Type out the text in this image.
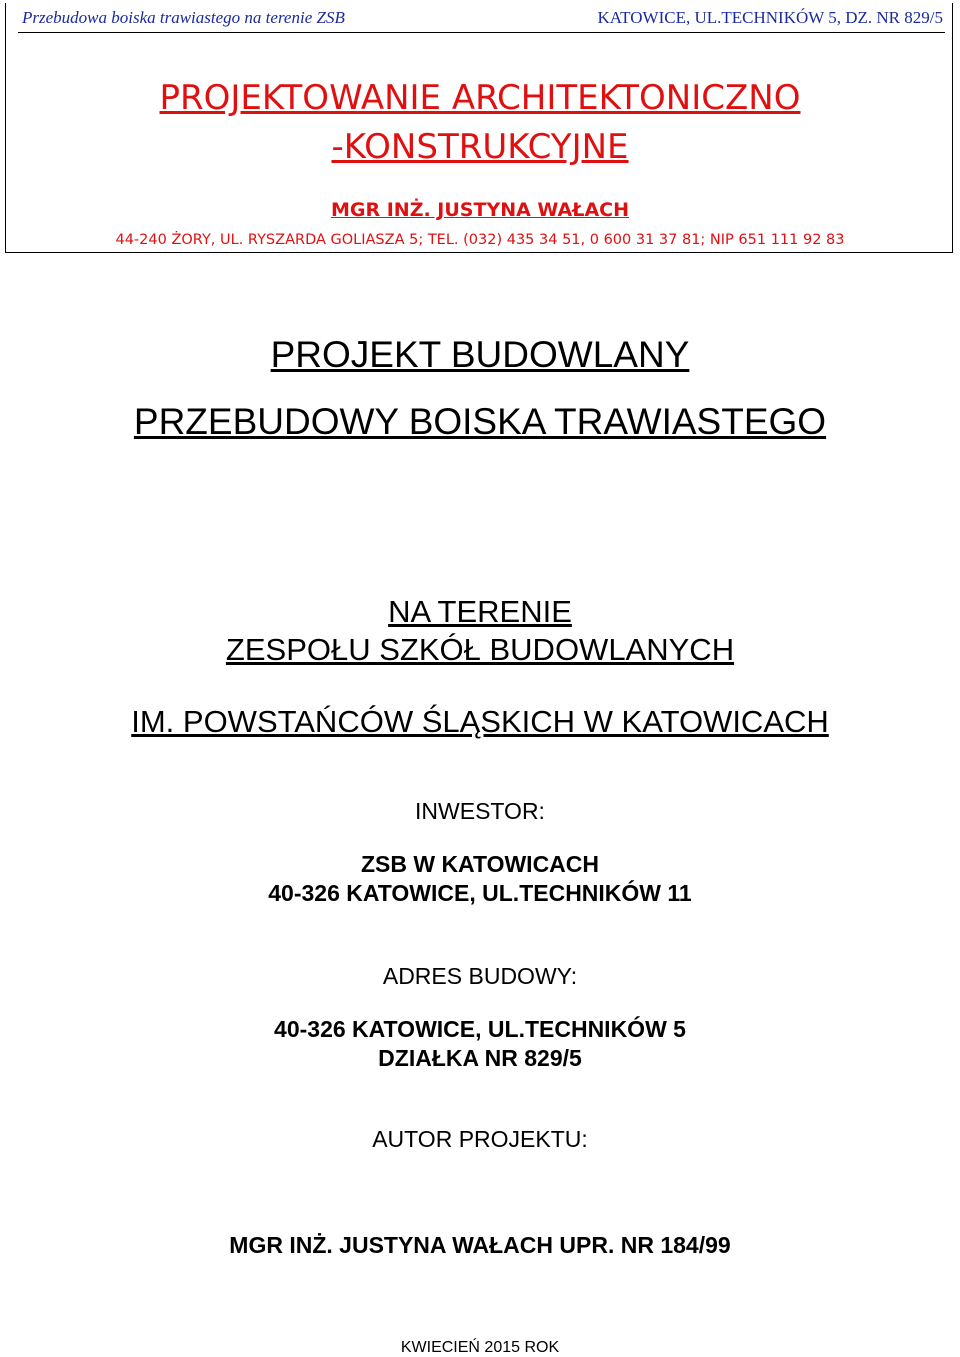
Przebudowa boiska trawiastego na terenie ZSB	KATOWICE, UL.TECHNIKÓW 5, DZ. NR 829/5
PROJEKTOWANIE ARCHITEKTONICZNO
-KONSTRUKCYJNE
MGR INŻ. JUSTYNA WAŁACH
44-240 ŻORY, UL. RYSZARDA GOLIASZA 5; TEL. (032) 435 34 51, 0 600 31 37 81; NIP 651 111 92 83
PROJEKT BUDOWLANY
PRZEBUDOWY BOISKA TRAWIASTEGO
NA TERENIE
ZESPOŁU SZKÓŁ BUDOWLANYCH
IM. POWSTAŃCÓW ŚLĄSKICH W KATOWICACH
INWESTOR:
ZSB W KATOWICACH
40-326 KATOWICE, UL.TECHNIKÓW 11
ADRES BUDOWY:
40-326 KATOWICE, UL.TECHNIKÓW 5
DZIAŁKA NR 829/5
AUTOR PROJEKTU:
MGR INŻ. JUSTYNA WAŁACH UPR. NR 184/99
KWIECIEŃ 2015 ROK
